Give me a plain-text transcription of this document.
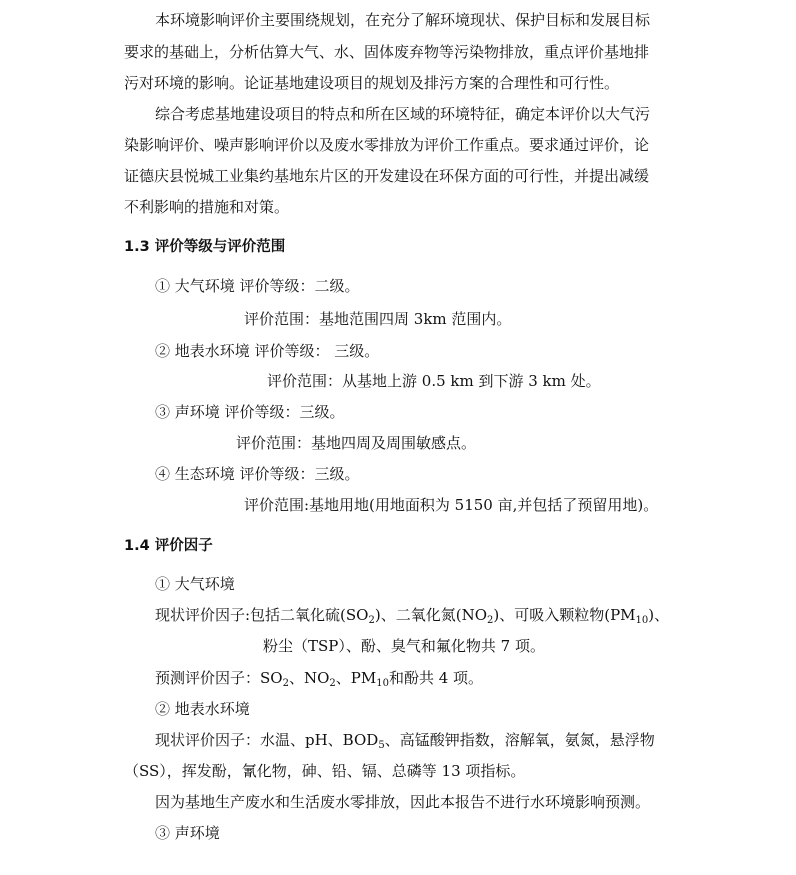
本环境影响评价主要围绕规划，在充分了解环境现状、保护目标和发展目标
要求的基础上，分析估算大气、水、固体废弃物等污染物排放，重点评价基地排
污对环境的影响。论证基地建设项目的规划及排污方案的合理性和可行性。
综合考虑基地建设项目的特点和所在区域的环境特征，确定本评价以大气污
染影响评价、噪声影响评价以及废水零排放为评价工作重点。要求通过评价，论
证德庆县悦城工业集约基地东片区的开发建设在环保方面的可行性，并提出减缓
不利影响的措施和对策。
1.3 评价等级与评价范围
① 大气环境 评价等级：二级。
评价范围：基地范围四周 3km 范围内。
② 地表水环境 评价等级： 三级。
评价范围：从基地上游 0.5 km 到下游 3 km 处。
③ 声环境 评价等级：三级。
评价范围：基地四周及周围敏感点。
④ 生态环境 评价等级：三级。
评价范围:基地用地(用地面积为 5150 亩,并包括了预留用地)。
1.4 评价因子
① 大气环境
现状评价因子:包括二氧化硫$(SO_2)$、二氧化氮$(NO_2)$、可吸入颗粒物$(PM_{10})$、
粉尘（TSP）、酚、臭气和氟化物共 7 项。
预测评价因子：$SO_2$、$NO_2$、$PM_{10}$和酚共 4 项。
② 地表水环境
现状评价因子：水温、pH、$BOD_5$、高锰酸钾指数，溶解氧，氨氮，悬浮物
（SS），挥发酚，氰化物，砷、铅、镉、总磷等 13 项指标。
因为基地生产废水和生活废水零排放，因此本报告不进行水环境影响预测。
③ 声环境
